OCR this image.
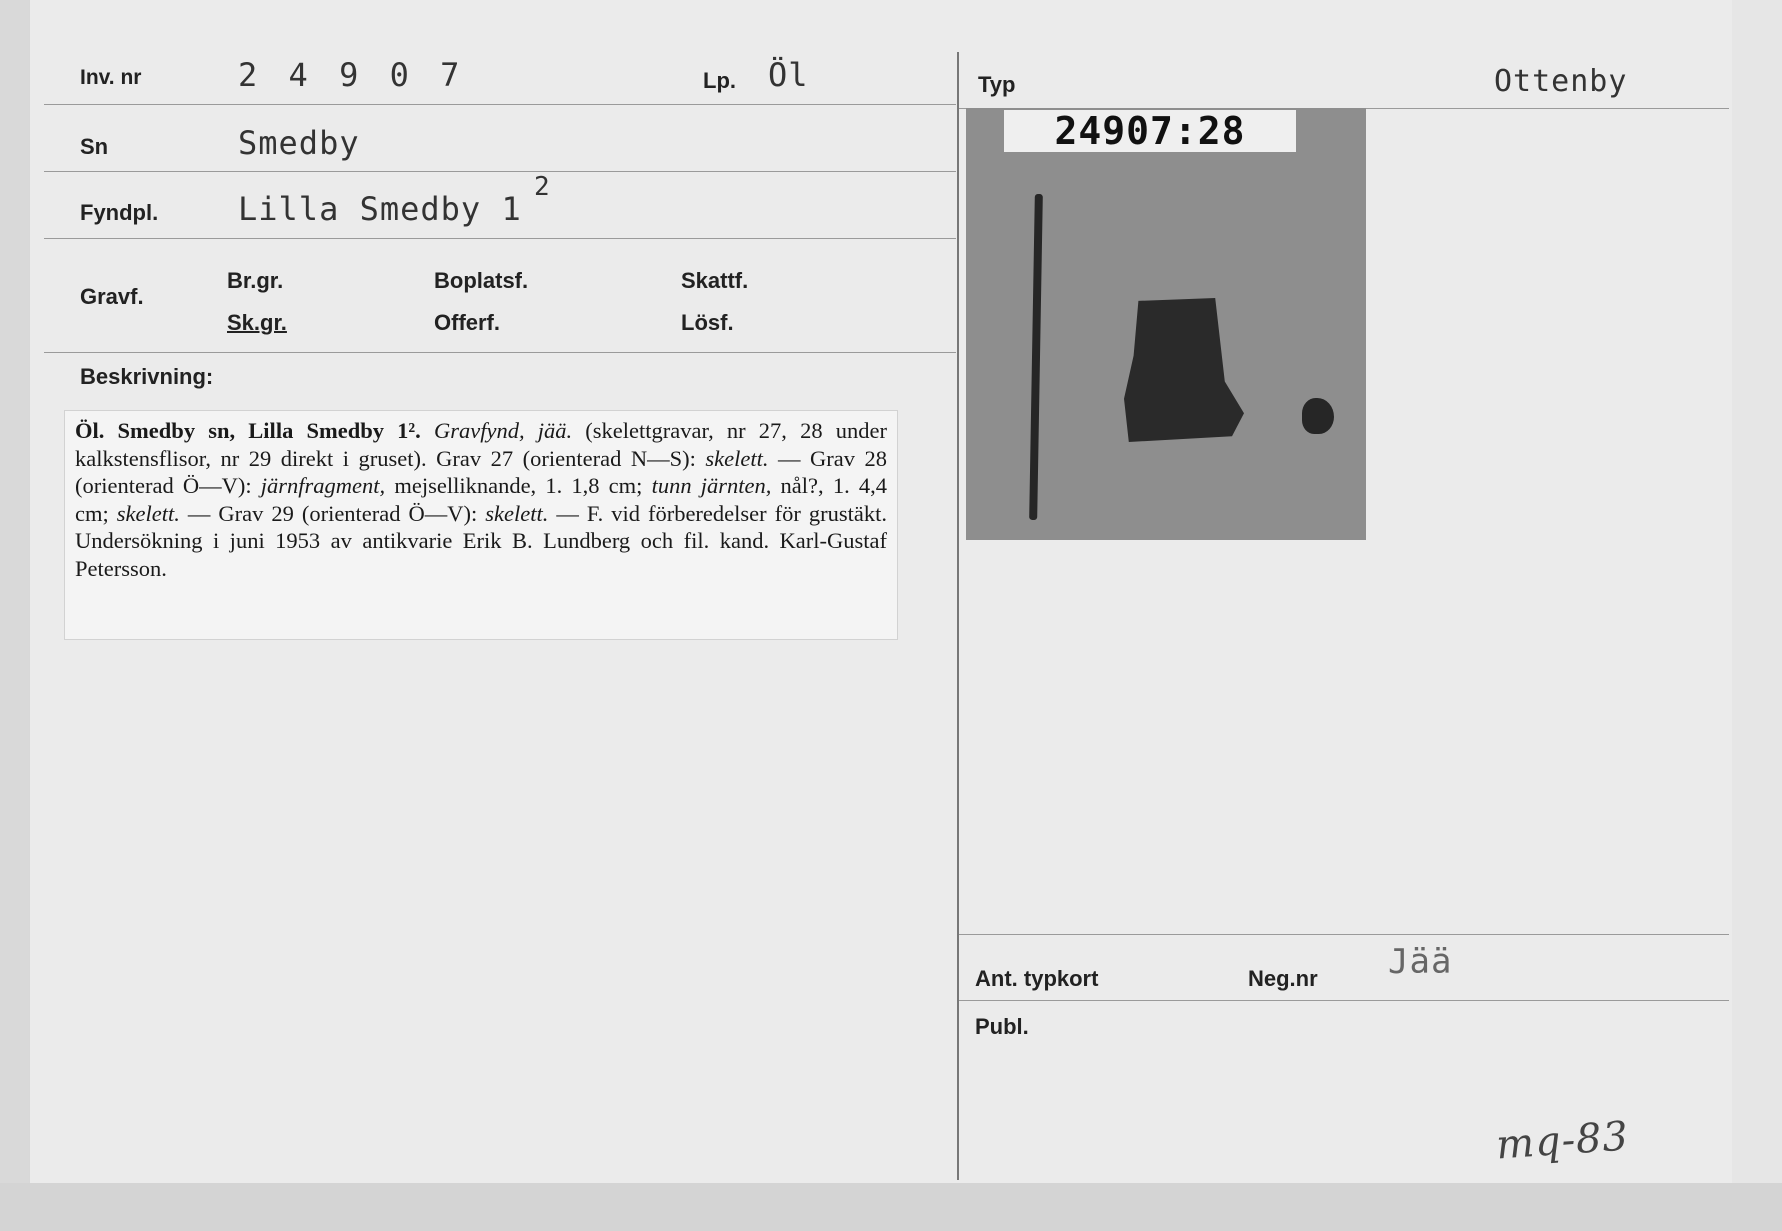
Inv. nr	2 4 9 0 7	Lp. Öl
Sn	Smedby
Fyndpl. Lilla Smedby 1
2
Gravf.
Br.gr.
Sk.gr.
Boplatsf.
Offerf.
Skattf.
Lösf.
Beskrivning:

Öl. Smedby sn, Lilla Smedby 1². Gravfynd, jää. (skelettgravar, nr 27, 28 under kalkstensflisor, nr 29 direkt i gruset). Grav 27 (orienterad N—S): skelett. — Grav 28 (orienterad Ö—V): järnfragment, mejselliknande, 1. 1,8 cm; tunn järnten, nål?, 1. 4,4 cm; skelett. — Grav 29 (orienterad Ö—V): skelett. — F. vid förberedelser för grustäkt. Undersökning i juni 1953 av antikvarie Erik B. Lundberg och fil. kand. Karl-Gustaf Petersson.

Typ	Ottenby
24907:28
Ant. typkort	Neg.nr Jää
Publ.
mq-83
